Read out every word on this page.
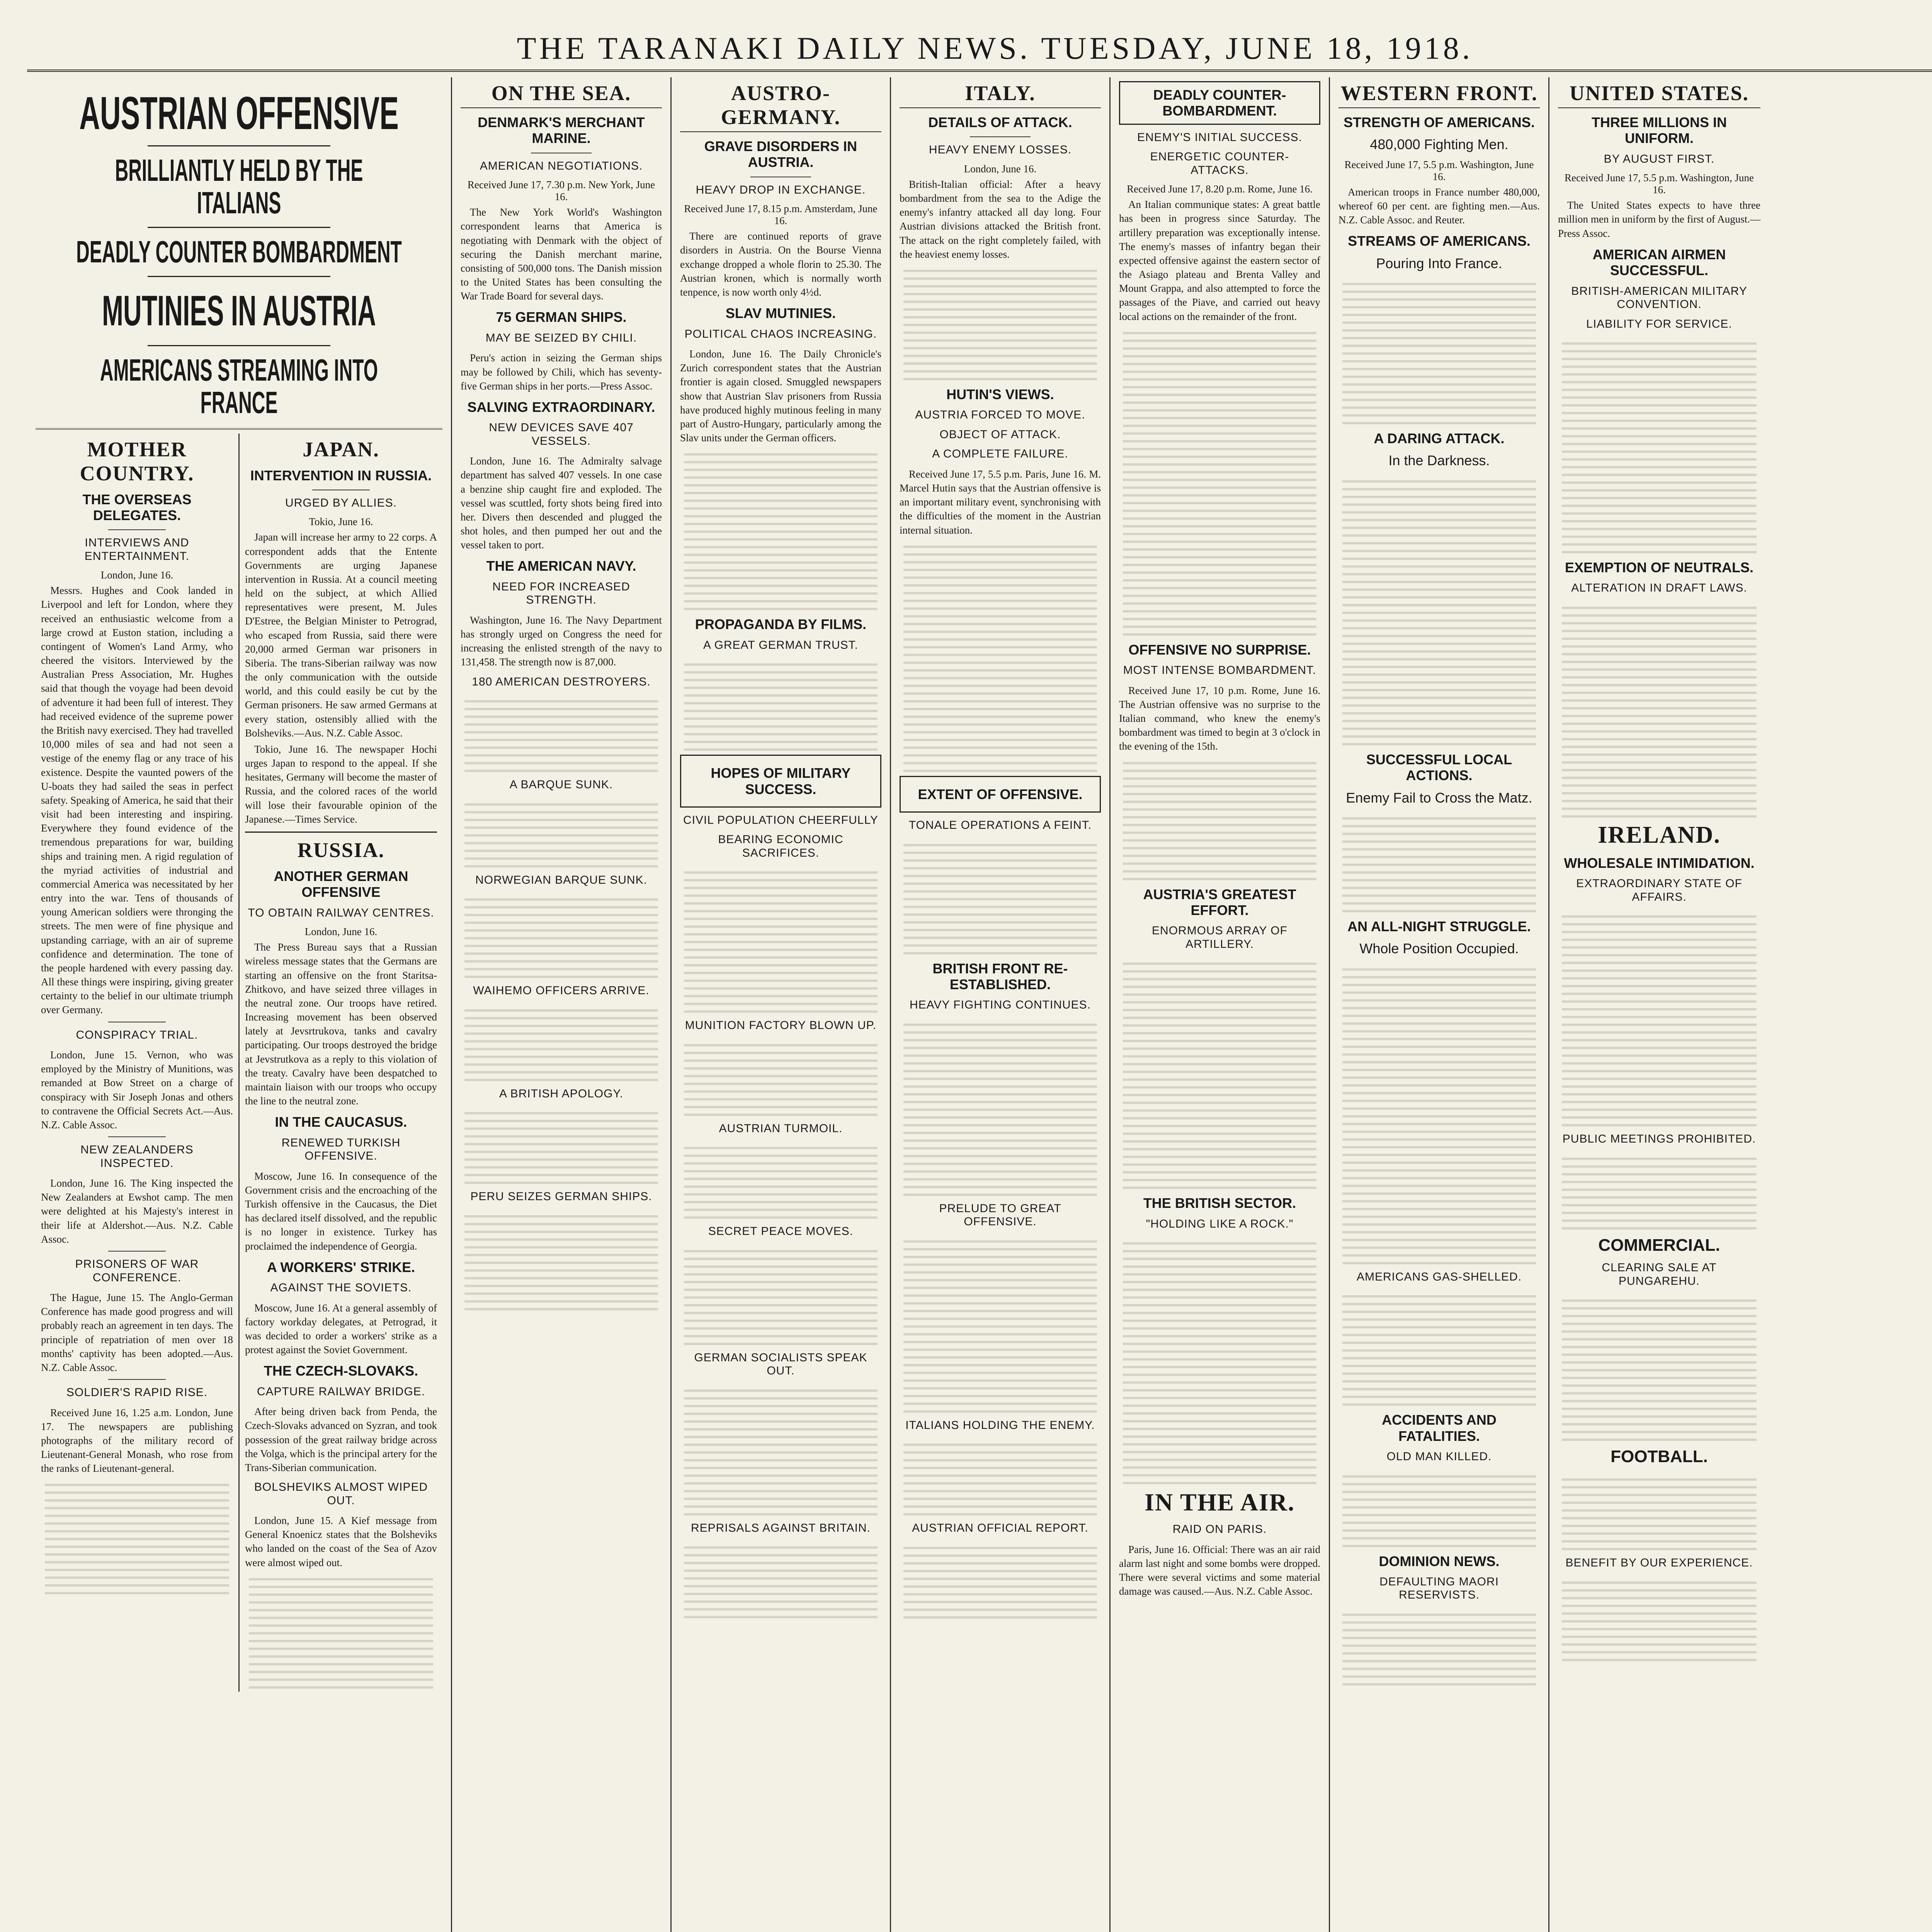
THE TARANAKI DAILY NEWS. TUESDAY, JUNE 18, 1918.
AUSTRIAN OFFENSIVE
BRILLIANTLY HELD BY THE ITALIANS
DEADLY COUNTER BOMBARDMENT
MUTINIES IN AUSTRIA
AMERICANS STREAMING INTO FRANCE
MOTHER COUNTRY.
THE OVERSEAS DELEGATES.
INTERVIEWS AND ENTERTAINMENT.
London, June 16.

Messrs. Hughes and Cook landed in Liverpool and left for London, where they received an enthusiastic welcome from a large crowd at Euston station, including a contingent of Women's Land Army, who cheered the visitors. Interviewed by the Australian Press Association, Mr. Hughes said that though the voyage had been devoid of adventure it had been full of interest. They had received evidence of the supreme power the British navy exercised. They had travelled 10,000 miles of sea and had not seen a vestige of the enemy flag or any trace of his existence. Despite the vaunted powers of the U-boats they had sailed the seas in perfect safety. Speaking of America, he said that their visit had been interesting and inspiring. Everywhere they found evidence of the tremendous preparations for war, building ships and training men. A rigid regulation of the myriad activities of industrial and commercial America was necessitated by her entry into the war. Tens of thousands of young American soldiers were thronging the streets. The men were of fine physique and upstanding carriage, with an air of supreme confidence and determination. The tone of the people hardened with every passing day. All these things were inspiring, giving greater certainty to the belief in our ultimate triumph over Germany.

CONSPIRACY TRIAL.

London, June 15. Vernon, who was employed by the Ministry of Munitions, was remanded at Bow Street on a charge of conspiracy with Sir Joseph Jonas and others to contravene the Official Secrets Act.—Aus. N.Z. Cable Assoc.

NEW ZEALANDERS INSPECTED.

London, June 16. The King inspected the New Zealanders at Ewshot camp. The men were delighted at his Majesty's interest in their life at Aldershot.—Aus. N.Z. Cable Assoc.

PRISONERS OF WAR CONFERENCE.

The Hague, June 15. The Anglo-German Conference has made good progress and will probably reach an agreement in ten days. The principle of repatriation of men over 18 months' captivity has been adopted.—Aus. N.Z. Cable Assoc.

SOLDIER'S RAPID RISE.

Received June 16, 1.25 a.m. London, June 17. The newspapers are publishing photographs of the military record of Lieutenant-General Monash, who rose from the ranks of Lieutenant-general.

JAPAN.
INTERVENTION IN RUSSIA.
URGED BY ALLIES.
Tokio, June 16.

Japan will increase her army to 22 corps. A correspondent adds that the Entente Governments are urging Japanese intervention in Russia. At a council meeting held on the subject, at which Allied representatives were present, M. Jules D'Estree, the Belgian Minister to Petrograd, who escaped from Russia, said there were 20,000 armed German war prisoners in Siberia. The trans-Siberian railway was now the only communication with the outside world, and this could easily be cut by the German prisoners. He saw armed Germans at every station, ostensibly allied with the Bolsheviks.—Aus. N.Z. Cable Assoc.

Tokio, June 16. The newspaper Hochi urges Japan to respond to the appeal. If she hesitates, Germany will become the master of Russia, and the colored races of the world will lose their favourable opinion of the Japanese.—Times Service.

RUSSIA.
ANOTHER GERMAN OFFENSIVE
TO OBTAIN RAILWAY CENTRES.
London, June 16.

The Press Bureau says that a Russian wireless message states that the Germans are starting an offensive on the front Staritsa-Zhitkovo, and have seized three villages in the neutral zone. Our troops have retired. Increasing movement has been observed lately at Jevsrtrukova, tanks and cavalry participating. Our troops destroyed the bridge at Jevstrutkova as a reply to this violation of the treaty. Cavalry have been despatched to maintain liaison with our troops who occupy the line to the neutral zone.

IN THE CAUCASUS.
RENEWED TURKISH OFFENSIVE.

Moscow, June 16. In consequence of the Government crisis and the encroaching of the Turkish offensive in the Caucasus, the Diet has declared itself dissolved, and the republic is no longer in existence. Turkey has proclaimed the independence of Georgia.

A WORKERS' STRIKE.
AGAINST THE SOVIETS.

Moscow, June 16. At a general assembly of factory workday delegates, at Petrograd, it was decided to order a workers' strike as a protest against the Soviet Government.

THE CZECH-SLOVAKS.
CAPTURE RAILWAY BRIDGE.

After being driven back from Penda, the Czech-Slovaks advanced on Syzran, and took possession of the great railway bridge across the Volga, which is the principal artery for the Trans-Siberian communication.

BOLSHEVIKS ALMOST WIPED OUT.

London, June 15. A Kief message from General Knoenicz states that the Bolsheviks who landed on the coast of the Sea of Azov were almost wiped out.

ON THE SEA.
DENMARK'S MERCHANT MARINE.
AMERICAN NEGOTIATIONS.
Received June 17, 7.30 p.m. New York, June 16.

The New York World's Washington correspondent learns that America is negotiating with Denmark with the object of securing the Danish merchant marine, consisting of 500,000 tons. The Danish mission to the United States has been consulting the War Trade Board for several days.

75 GERMAN SHIPS.
MAY BE SEIZED BY CHILI.

Peru's action in seizing the German ships may be followed by Chili, which has seventy-five German ships in her ports.—Press Assoc.

SALVING EXTRAORDINARY.
NEW DEVICES SAVE 407 VESSELS.

London, June 16. The Admiralty salvage department has salved 407 vessels. In one case a benzine ship caught fire and exploded. The vessel was scuttled, forty shots being fired into her. Divers then descended and plugged the shot holes, and then pumped her out and the vessel taken to port.

THE AMERICAN NAVY.
NEED FOR INCREASED STRENGTH.

Washington, June 16. The Navy Department has strongly urged on Congress the need for increasing the enlisted strength of the navy to 131,458. The strength now is 87,000.

180 AMERICAN DESTROYERS.
A BARQUE SUNK.
NORWEGIAN BARQUE SUNK.
WAIHEMO OFFICERS ARRIVE.
A BRITISH APOLOGY.
PERU SEIZES GERMAN SHIPS.
AUSTRO-GERMANY.
GRAVE DISORDERS IN AUSTRIA.
HEAVY DROP IN EXCHANGE.
Received June 17, 8.15 p.m. Amsterdam, June 16.

There are continued reports of grave disorders in Austria. On the Bourse Vienna exchange dropped a whole florin to 25.30. The Austrian kronen, which is normally worth tenpence, is now worth only 4½d.

SLAV MUTINIES.
POLITICAL CHAOS INCREASING.

London, June 16. The Daily Chronicle's Zurich correspondent states that the Austrian frontier is again closed. Smuggled newspapers show that Austrian Slav prisoners from Russia have produced highly mutinous feeling in many part of Austro-Hungary, particularly among the Slav units under the German officers.

PROPAGANDA BY FILMS.
A GREAT GERMAN TRUST.
HOPES OF MILITARY SUCCESS.
CIVIL POPULATION CHEERFULLY
BEARING ECONOMIC SACRIFICES.
MUNITION FACTORY BLOWN UP.
AUSTRIAN TURMOIL.
SECRET PEACE MOVES.
GERMAN SOCIALISTS SPEAK OUT.
REPRISALS AGAINST BRITAIN.
ITALY.
DETAILS OF ATTACK.
HEAVY ENEMY LOSSES.
London, June 16.

British-Italian official: After a heavy bombardment from the sea to the Adige the enemy's infantry attacked all day long. Four Austrian divisions attacked the British front. The attack on the right completely failed, with the heaviest enemy losses.

HUTIN'S VIEWS.
AUSTRIA FORCED TO MOVE.
OBJECT OF ATTACK.
A COMPLETE FAILURE.

Received June 17, 5.5 p.m. Paris, June 16. M. Marcel Hutin says that the Austrian offensive is an important military event, synchronising with the difficulties of the moment in the Austrian internal situation.

EXTENT OF OFFENSIVE.
TONALE OPERATIONS A FEINT.
BRITISH FRONT RE-ESTABLISHED.
HEAVY FIGHTING CONTINUES.
PRELUDE TO GREAT OFFENSIVE.
ITALIANS HOLDING THE ENEMY.
AUSTRIAN OFFICIAL REPORT.
DEADLY COUNTER-BOMBARDMENT.
ENEMY'S INITIAL SUCCESS.
ENERGETIC COUNTER-ATTACKS.
Received June 17, 8.20 p.m. Rome, June 16.

An Italian communique states: A great battle has been in progress since Saturday. The artillery preparation was exceptionally intense. The enemy's masses of infantry began their expected offensive against the eastern sector of the Asiago plateau and Brenta Valley and Mount Grappa, and also attempted to force the passages of the Piave, and carried out heavy local actions on the remainder of the front.

OFFENSIVE NO SURPRISE.
MOST INTENSE BOMBARDMENT.

Received June 17, 10 p.m. Rome, June 16. The Austrian offensive was no surprise to the Italian command, who knew the enemy's bombardment was timed to begin at 3 o'clock in the evening of the 15th.

AUSTRIA'S GREATEST EFFORT.
ENORMOUS ARRAY OF ARTILLERY.
THE BRITISH SECTOR.
"HOLDING LIKE A ROCK."
IN THE AIR.
RAID ON PARIS.

Paris, June 16. Official: There was an air raid alarm last night and some bombs were dropped. There were several victims and some material damage was caused.—Aus. N.Z. Cable Assoc.

WESTERN FRONT.
STRENGTH OF AMERICANS.
480,000 Fighting Men.
Received June 17, 5.5 p.m. Washington, June 16.

American troops in France number 480,000, whereof 60 per cent. are fighting men.—Aus. N.Z. Cable Assoc. and Reuter.

STREAMS OF AMERICANS.
Pouring Into France.
A DARING ATTACK.
In the Darkness.
SUCCESSFUL LOCAL ACTIONS.
Enemy Fail to Cross the Matz.
AN ALL-NIGHT STRUGGLE.
Whole Position Occupied.
AMERICANS GAS-SHELLED.
ACCIDENTS AND FATALITIES.
OLD MAN KILLED.
DOMINION NEWS.
DEFAULTING MAORI RESERVISTS.
UNITED STATES.
THREE MILLIONS IN UNIFORM.
BY AUGUST FIRST.
Received June 17, 5.5 p.m. Washington, June 16.

The United States expects to have three million men in uniform by the first of August.—Press Assoc.

AMERICAN AIRMEN SUCCESSFUL.
BRITISH-AMERICAN MILITARY CONVENTION.
LIABILITY FOR SERVICE.
EXEMPTION OF NEUTRALS.
ALTERATION IN DRAFT LAWS.
IRELAND.
WHOLESALE INTIMIDATION.
EXTRAORDINARY STATE OF AFFAIRS.
PUBLIC MEETINGS PROHIBITED.
COMMERCIAL.
CLEARING SALE AT PUNGAREHU.
FOOTBALL.
BENEFIT BY OUR EXPERIENCE.
